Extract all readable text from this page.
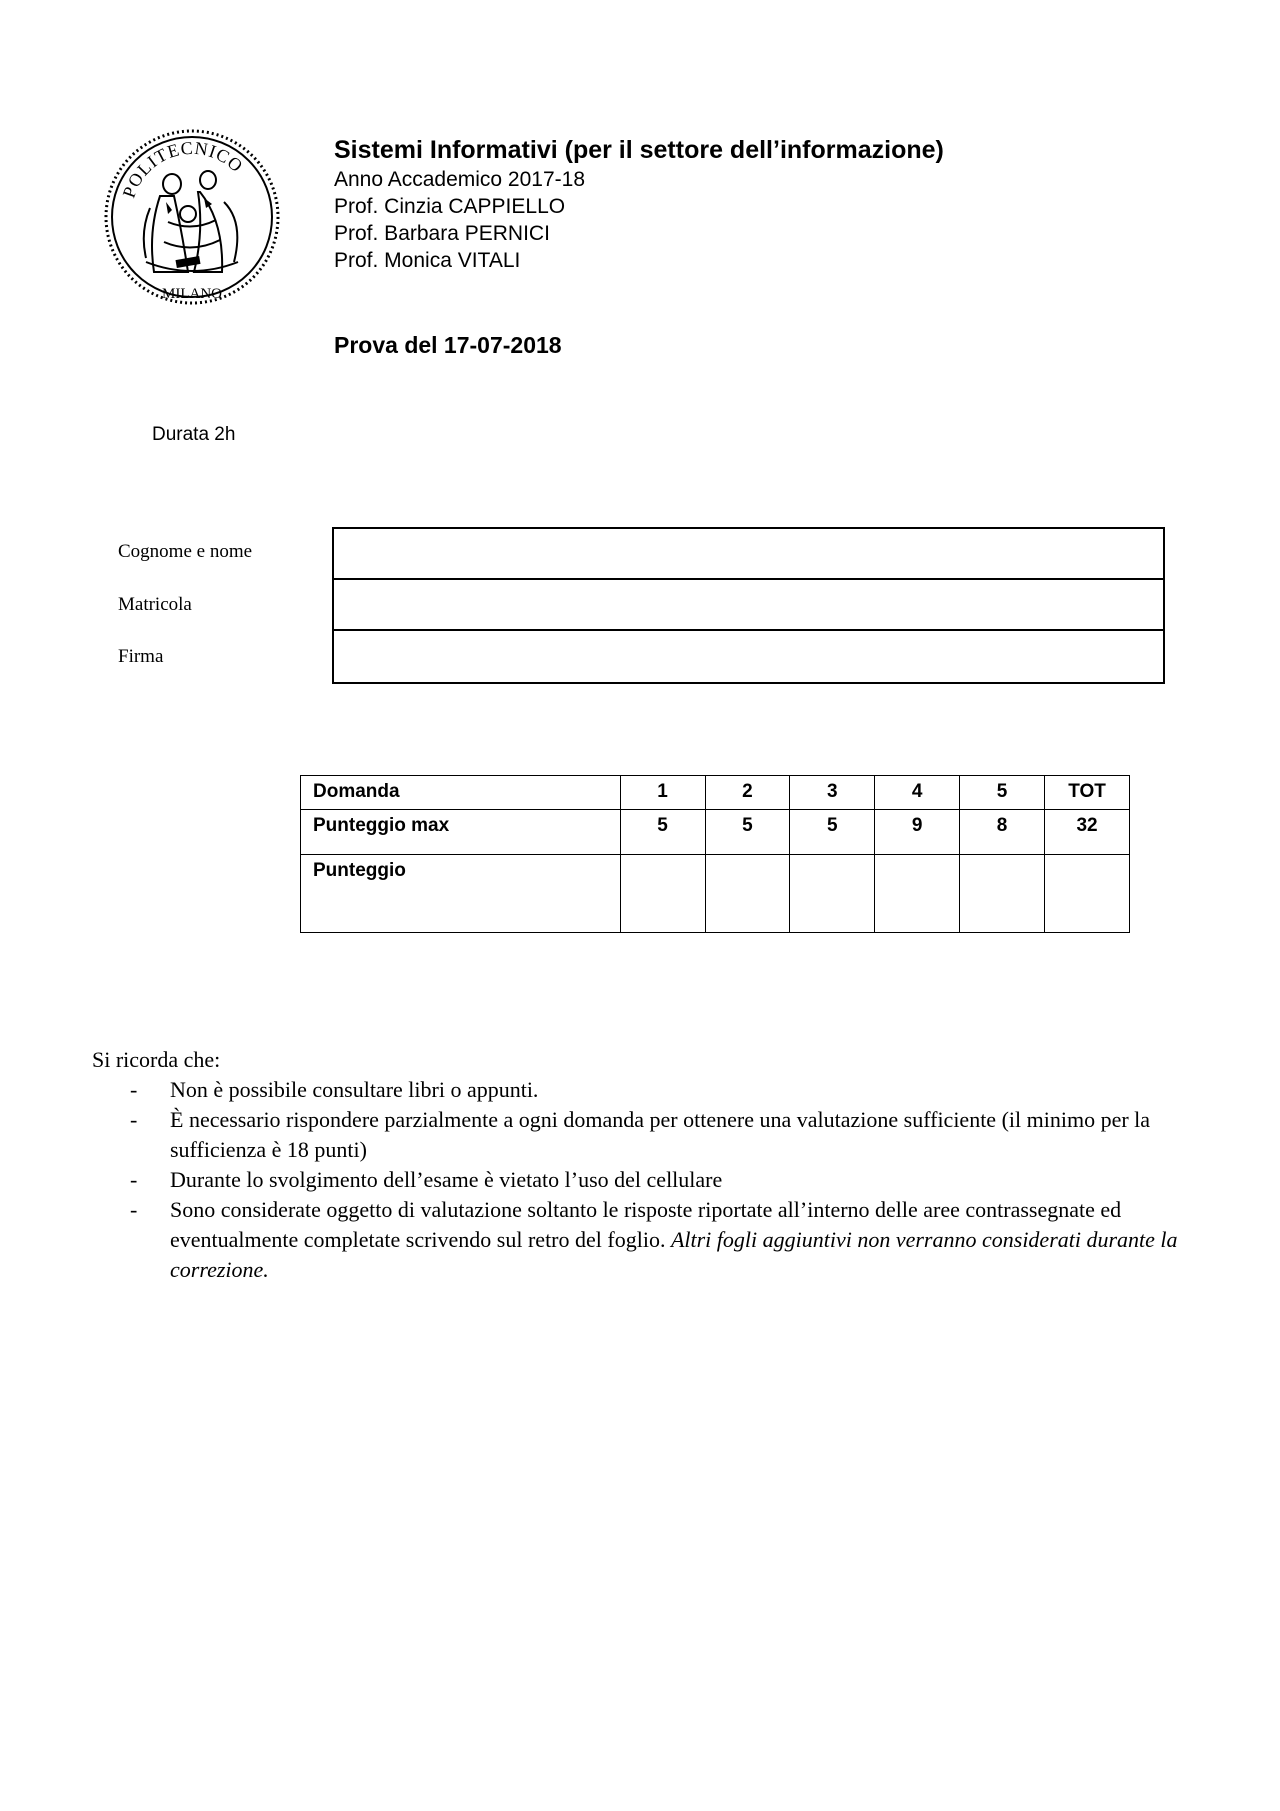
POLITECNICO
MILANO

Sistemi Informativi (per il settore dell’informazione)

Anno Accademico 2017-18

Prof. Cinzia CAPPIELLO

Prof. Barbara PERNICI

Prof. Monica VITALI

Prova del 17-07-2018

Durata 2h

Cognome e nome
Matricola
Firma
Domanda	1	2	3	4	5	TOT
Punteggio max	5	5	5	9	8	32
Punteggio						

Si ricorda che:

- Non è possibile consultare libri o appunti.
- È necessario rispondere parzialmente a ogni domanda per ottenere una valutazione sufficiente (il minimo per la sufficienza è 18 punti)
- Durante lo svolgimento dell’esame è vietato l’uso del cellulare
- Sono considerate oggetto di valutazione soltanto le risposte riportate all’interno delle aree contrassegnate ed eventualmente completate scrivendo sul retro del foglio. Altri fogli aggiuntivi non verranno considerati durante la correzione.
